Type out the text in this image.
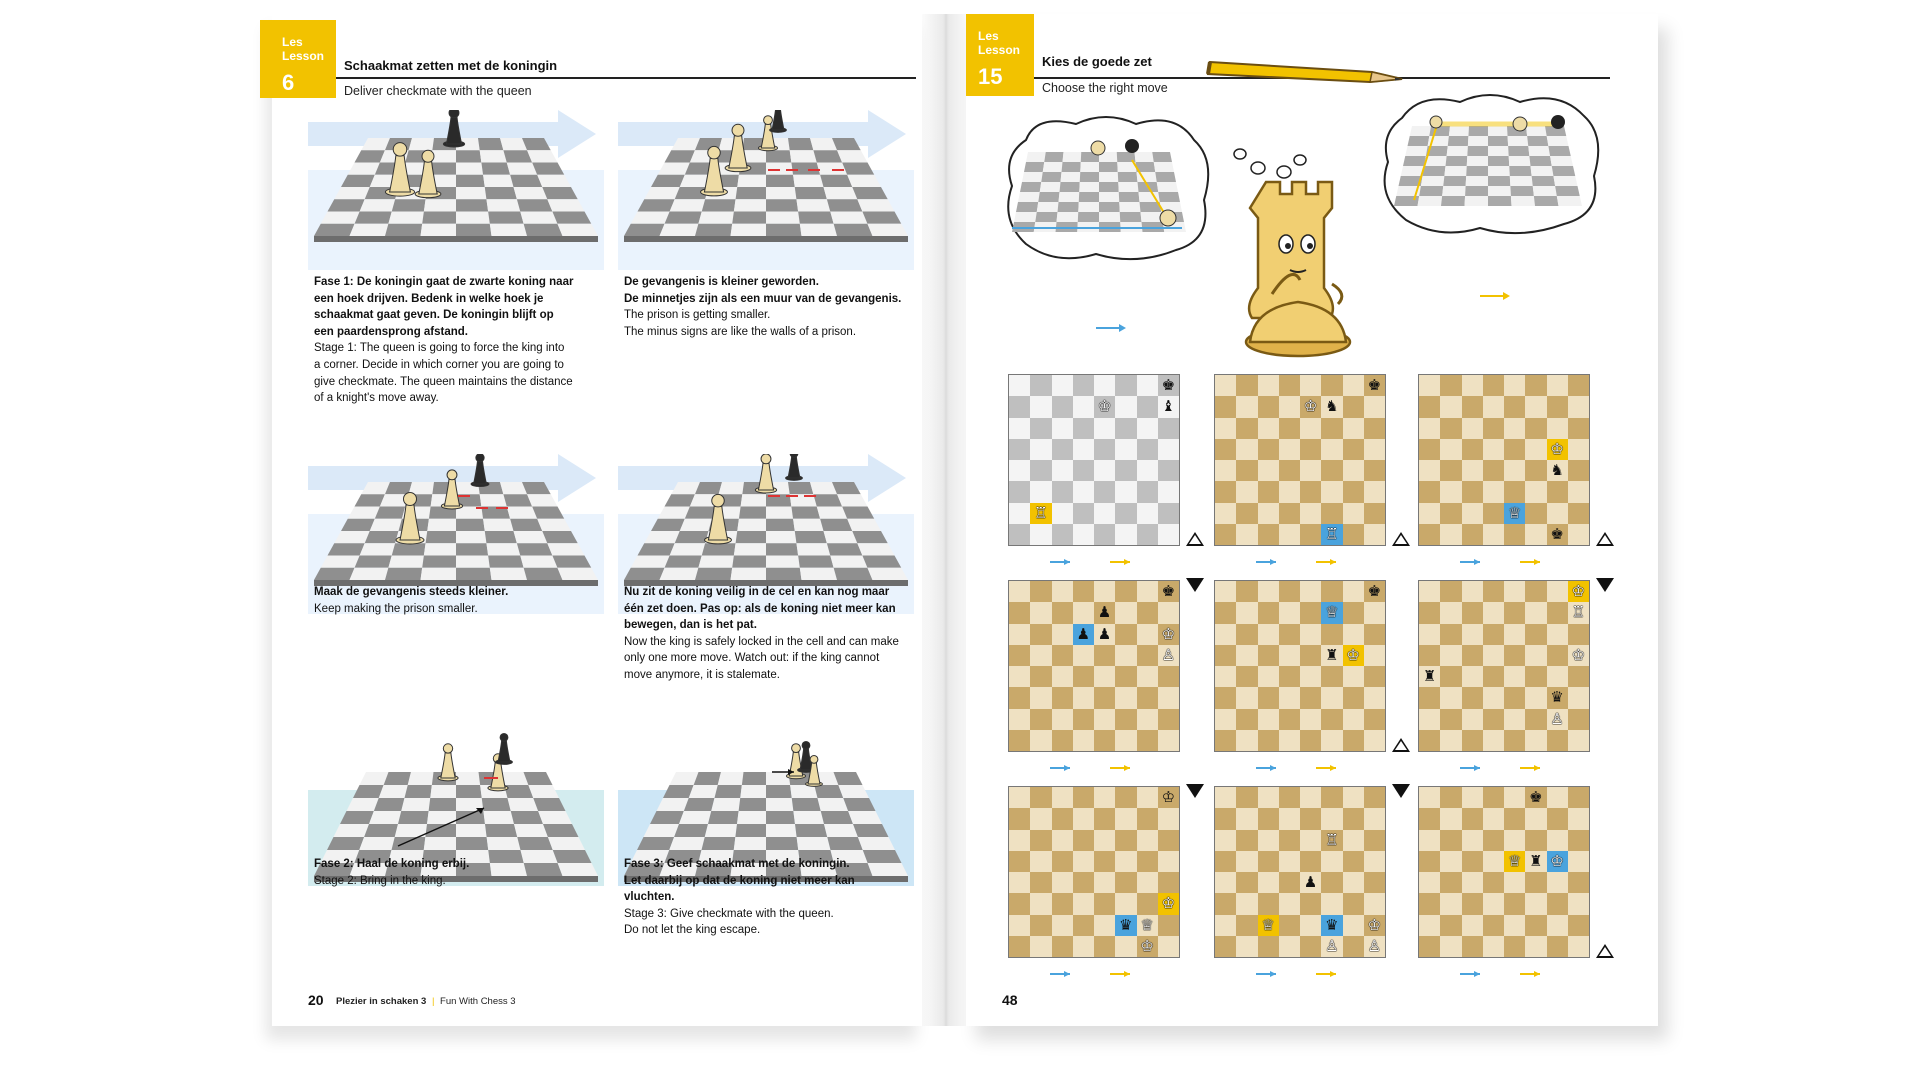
Les
Lesson
6
Schaakmat zetten met de koningin
Deliver checkmate with the queen
Fase 1: De koningin gaat de zwarte koning naar
een hoek drijven. Bedenk in welke hoek je
schaakmat gaat geven. De koningin blijft op
een paardensprong afstand.
Stage 1: The queen is going to force the king into
a corner. Decide in which corner you are going to
give checkmate. The queen maintains the distance
of a knight's move away.
De gevangenis is kleiner geworden.
De minnetjes zijn als een muur van de gevangenis.
The prison is getting smaller.
The minus signs are like the walls of a prison.
Maak de gevangenis steeds kleiner.
Keep making the prison smaller.
Nu zit de koning veilig in de cel en kan nog maar
één zet doen. Pas op: als de koning niet meer kan
bewegen, dan is het pat.
Now the king is safely locked in the cell and can make
only one more move. Watch out: if the king cannot
move anymore, it is stalemate.
Fase 2: Haal de koning erbij.
Stage 2: Bring in the king.
Fase 3: Geef schaakmat met de koningin.
Let daarbij op dat de koning niet meer kan vluchten.
Stage 3: Give checkmate with the queen.
Do not let the king escape.
20 Plezier in schaken 3 | Fun With Chess 3
Les
Lesson
15
Kies de goede zet
Choose the right move
♚
♔	♝
♖
♚
♔ ♞
♖
♔
♞
♕
♚
♚
♟
♟ ♟	♔
♙
♚
♕
♜ ♔
♔
♖
♔
♜
♛
♙
♔
♔
♛ ♕
♔
♖
♟
♕	♛ ♔
♙ ♙
♚
♕ ♜ ♔
48
